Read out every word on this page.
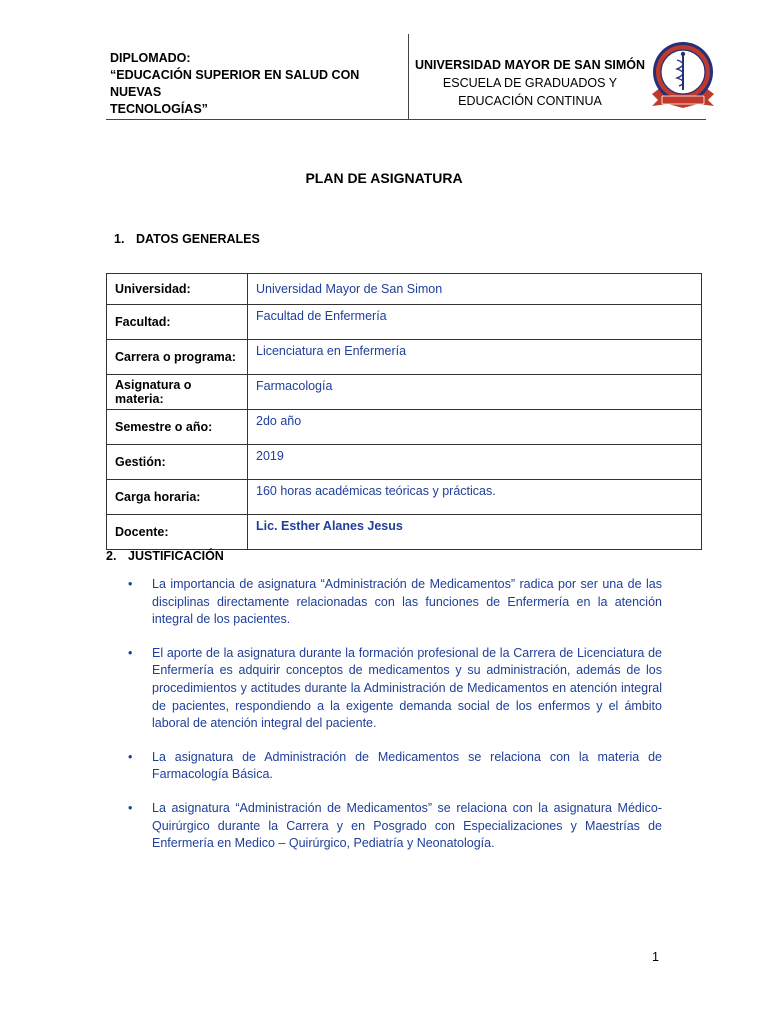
DIPLOMADO:
“EDUCACIÓN SUPERIOR EN SALUD CON NUEVAS
TECNOLOGÍAS”
UNIVERSIDAD MAYOR DE SAN SIMÓN
ESCUELA DE GRADUADOS Y
EDUCACIÓN CONTINUA
PLAN DE ASIGNATURA
1. DATOS GENERALES
Universidad:	Universidad Mayor de San Simon
Facultad:	Facultad de Enfermería
Carrera o programa:	Licenciatura en Enfermería
Asignatura o materia:	Farmacología
Semestre o año:	2do año
Gestión:	2019
Carga horaria:	160 horas académicas teóricas y prácticas.
Docente:	Lic. Esther Alanes Jesus
2. JUSTIFICACIÓN
• La importancia de asignatura “Administración de Medicamentos” radica por ser una de las disciplinas directamente relacionadas con las funciones de Enfermería en la atención integral de los pacientes.
• El aporte de la asignatura durante la formación profesional de la Carrera de Licenciatura de Enfermería es adquirir conceptos de medicamentos y su administración, además de los procedimientos y actitudes durante la Administración de Medicamentos en atención integral de pacientes, respondiendo a la exigente demanda social de los enfermos y el ámbito laboral de atención integral del paciente.
• La asignatura de Administración de Medicamentos se relaciona con la materia de Farmacología Básica.
• La asignatura “Administración de Medicamentos” se relaciona con la asignatura Médico-Quirúrgico durante la Carrera y en Posgrado con Especializaciones y Maestrías de Enfermería en Medico – Quirúrgico, Pediatría y Neonatología.
1
